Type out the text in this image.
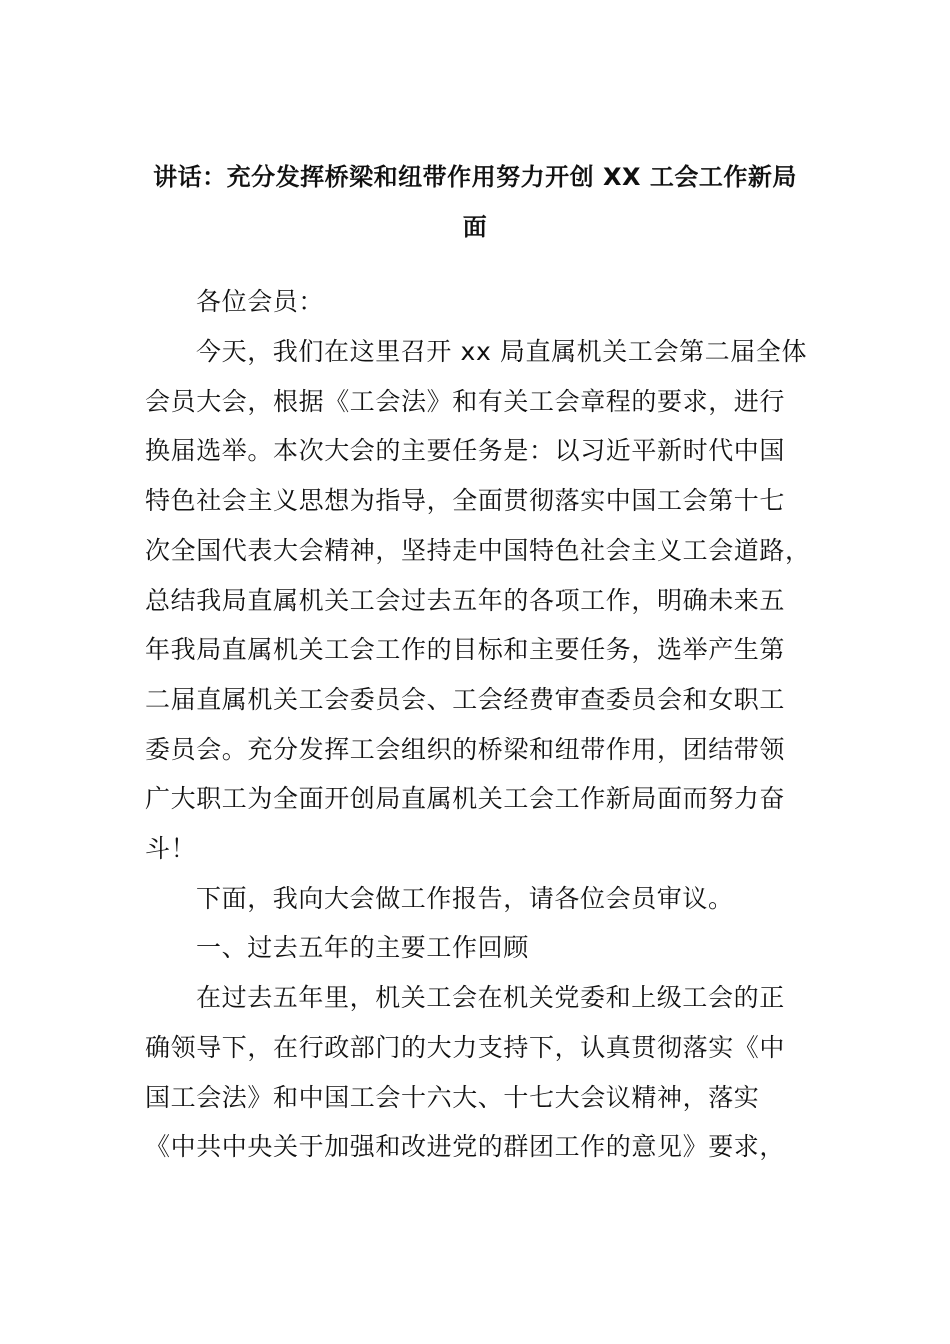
讲话：充分发挥桥梁和纽带作用努力开创 XX 工会工作新局
面
各位会员：
今天，我们在这里召开 xx 局直属机关工会第二届全体
会员大会，根据《工会法》和有关工会章程的要求，进行
换届选举。本次大会的主要任务是：以习近平新时代中国
特色社会主义思想为指导，全面贯彻落实中国工会第十七
次全国代表大会精神，坚持走中国特色社会主义工会道路，
总结我局直属机关工会过去五年的各项工作，明确未来五
年我局直属机关工会工作的目标和主要任务，选举产生第
二届直属机关工会委员会、工会经费审查委员会和女职工
委员会。充分发挥工会组织的桥梁和纽带作用，团结带领
广大职工为全面开创局直属机关工会工作新局面而努力奋
斗！
下面，我向大会做工作报告，请各位会员审议。
一、过去五年的主要工作回顾
在过去五年里，机关工会在机关党委和上级工会的正
确领导下，在行政部门的大力支持下，认真贯彻落实《中
国工会法》和中国工会十六大、十七大会议精神，落实
《中共中央关于加强和改进党的群团工作的意见》要求，
